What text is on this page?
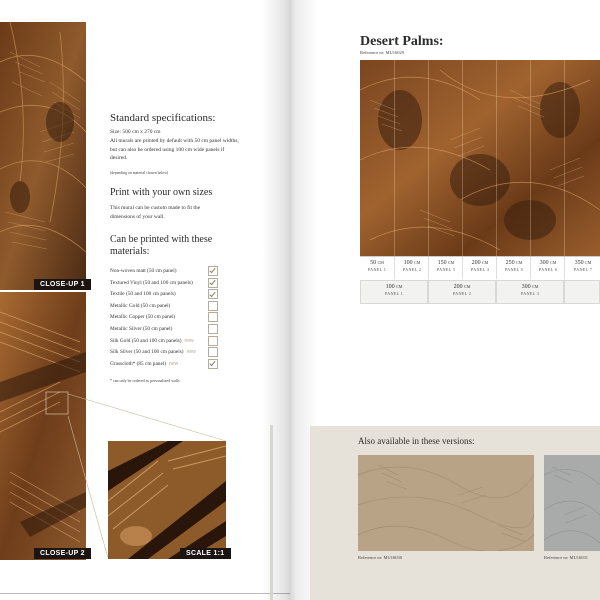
CLOSE-UP 1
CLOSE-UP 2	SCALE 1:1
Standard specifications:
Size: 500 cm x 270 cm
All murals are printed by default with 50 cm panel widths, but can also be ordered using 100 cm wide panels if desired.
(depending on material chosen below)
Print with your own sizes
This mural can be custom made to fit the dimensions of your wall.
Can be printed with these materials:
Non-woven matt (50 cm panel)
Textured Vinyl (50 and 100 cm panels)
Textile (50 and 100 cm panels)
Metallic Gold (50 cm panel)
Metallic Copper (50 cm panel)
Metallic Silver (50 cm panel)
Silk Gold (50 and 100 cm panels) new
Silk Silver (50 and 100 cm panels) new
Grasscloth* (85 cm panel) new
* can only be ordered as personalized walls
Desert Palms:
Reference nr: MU16029
50 CM
PANEL 1
100 CM
PANEL 2
150 CM
PANEL 3
200 CM
PANEL 4
250 CM
PANEL 5
300 CM
PANEL 6
350 CM
PANEL 7
100 CM
PANEL 1
200 CM
PANEL 2
300 CM
PANEL 3
Also available in these versions:
Reference nr: MU16030	Reference nr: MU16031
